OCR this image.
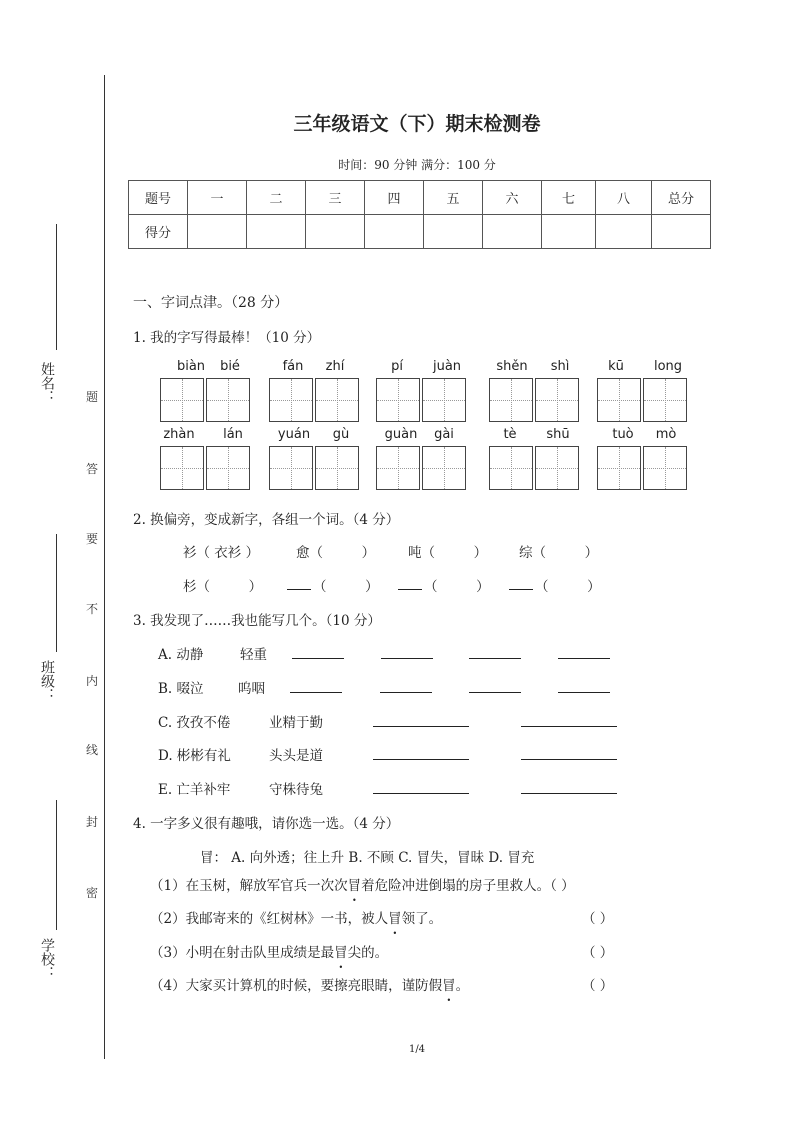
姓名：
班级：
学校：
题
答
要
不
内
线
封
密
三年级语文（下）期末检测卷
时间：90 分钟 满分：100 分
题号	一	二	三	四	五	六	七	八	总分
得分									
一、字词点津。（28 分）
1. 我的字写得最棒！（10 分）
biàn	bié	fán	zhí	pí	juàn	shěn	shì	kū	long
zhàn	lán	yuán	gù	guàn	gài	tè	shū	tuò	mò
2. 换偏旁，变成新字，各组一个词。（4 分）
衫（ 衣衫 ）	愈（         ） 吨（         ） 综（         ）
杉（         ）	（         ）	（         ）	（         ）
3. 我发现了……我也能写几个。（10 分）
A. 动静	轻重
B. 啜泣	呜咽
C. 孜孜不倦	业精于勤
D. 彬彬有礼	头头是道
E. 亡羊补牢	守株待兔
4. 一字多义很有趣哦，请你选一选。（4 分）
冒： A. 向外透；往上升 B. 不顾 C. 冒失，冒昧 D. 冒充
（1）在玉树，解放军官兵一次次冒着危险冲进倒塌的房子里救人。（ ）
（2）我邮寄来的《红树林》一书，被人冒领了。	（ ）
（3）小明在射击队里成绩是最冒尖的。	（ ）
（4）大家买计算机的时候，要擦亮眼睛，谨防假冒。	（ ）
1/4
